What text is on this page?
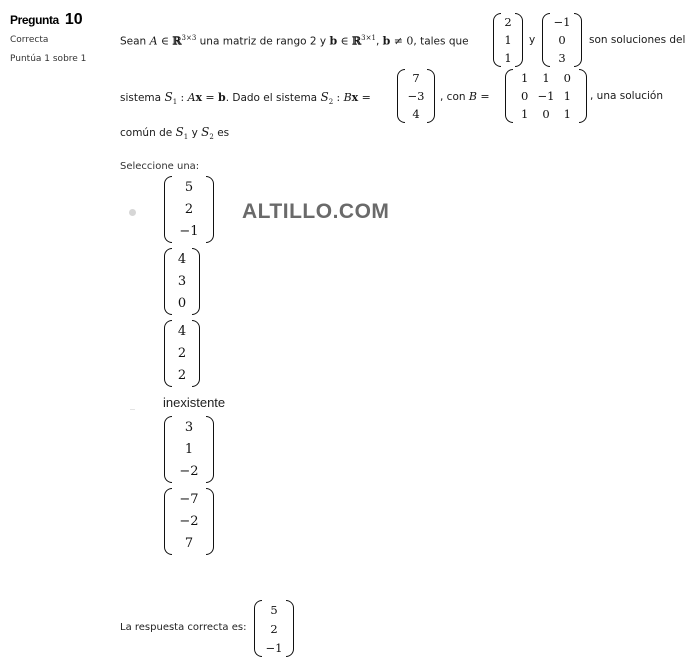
Pregunta 10
Correcta
Puntúa 1 sobre 1
Sean A ∈ ℝ$^{3\times 3}$ una matriz de rango 2 y b ∈ ℝ$^{3\times 1}$, b ≠ 0, tales que
2
1
1
y
−1
0
3
son soluciones del
sistema $S_1$ : Ax = b. Dado el sistema $S_2$ : Bx =
7
−3
4
, con B =
1	1	0
0 −1 1
1	0	1
, una solución
común de $S_1$ y $S_2$ es
Seleccione una:
5
2
−1
ALTILLO.COM
4
3
0
4
2
2
inexistente
3
1
−2
−7
−2
7
La respuesta correcta es:
5
2
−1
